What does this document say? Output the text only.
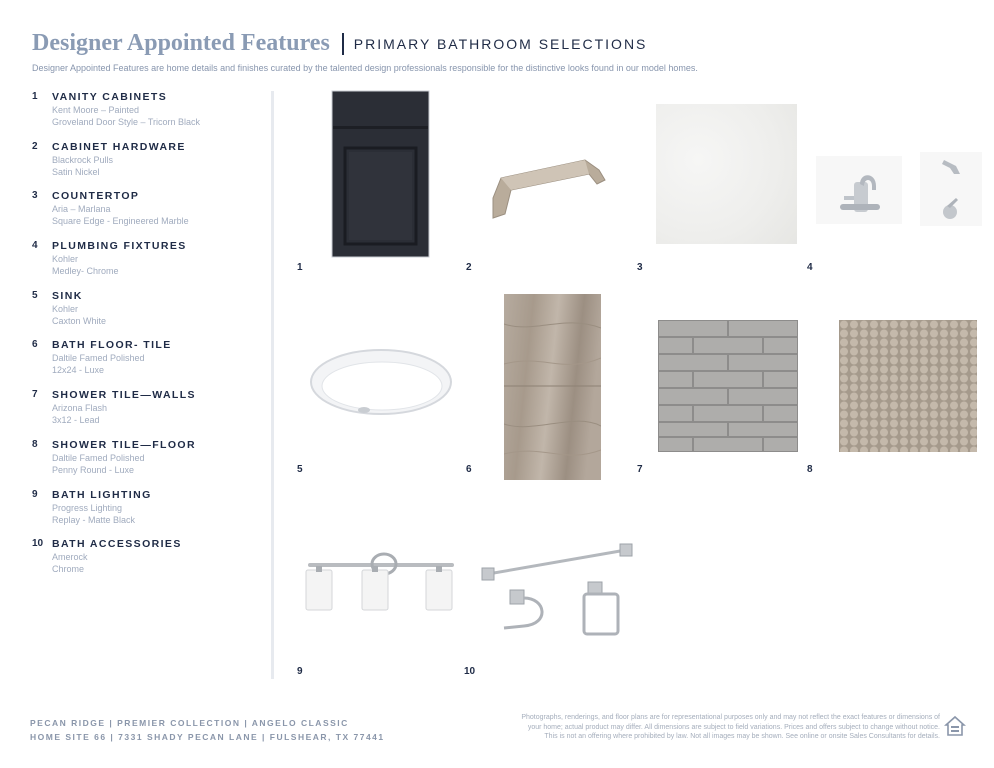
Designer Appointed Features PRIMARY BATHROOM SELECTIONS
Designer Appointed Features are home details and finishes curated by the talented design professionals responsible for the distinctive looks found in our model homes.
1 VANITY CABINETS
Kent Moore – Painted
Groveland Door Style – Tricorn Black
2 CABINET HARDWARE
Blackrock Pulls
Satin Nickel
3 COUNTERTOP
Aria – Marlana
Square Edge - Engineered Marble
4 PLUMBING FIXTURES
Kohler
Medley- Chrome
5 SINK
Kohler
Caxton White
6 BATH FLOOR- TILE
Daltile Famed Polished
12x24 - Luxe
7 SHOWER TILE—WALLS
Arizona Flash
3x12 - Lead
8 SHOWER TILE—FLOOR
Daltile Famed Polished
Penny Round - Luxe
9 BATH LIGHTING
Progress Lighting
Replay - Matte Black
10 BATH ACCESSORIES
Amerock
Chrome
1	2	3	4
5	6	7	8
9	10
PECAN RIDGE | PREMIER COLLECTION | ANGELO CLASSIC
HOME SITE 66 | 7331 SHADY PECAN LANE | FULSHEAR, TX 77441
Photographs, renderings, and floor plans are for representational purposes only and may not reflect the exact features or dimensions of
your home; actual product may differ. All dimensions are subject to field variations. Prices and offers subject to change without notice.
This is not an offering where prohibited by law. Not all images may be shown. See online or onsite Sales Consultants for details.
